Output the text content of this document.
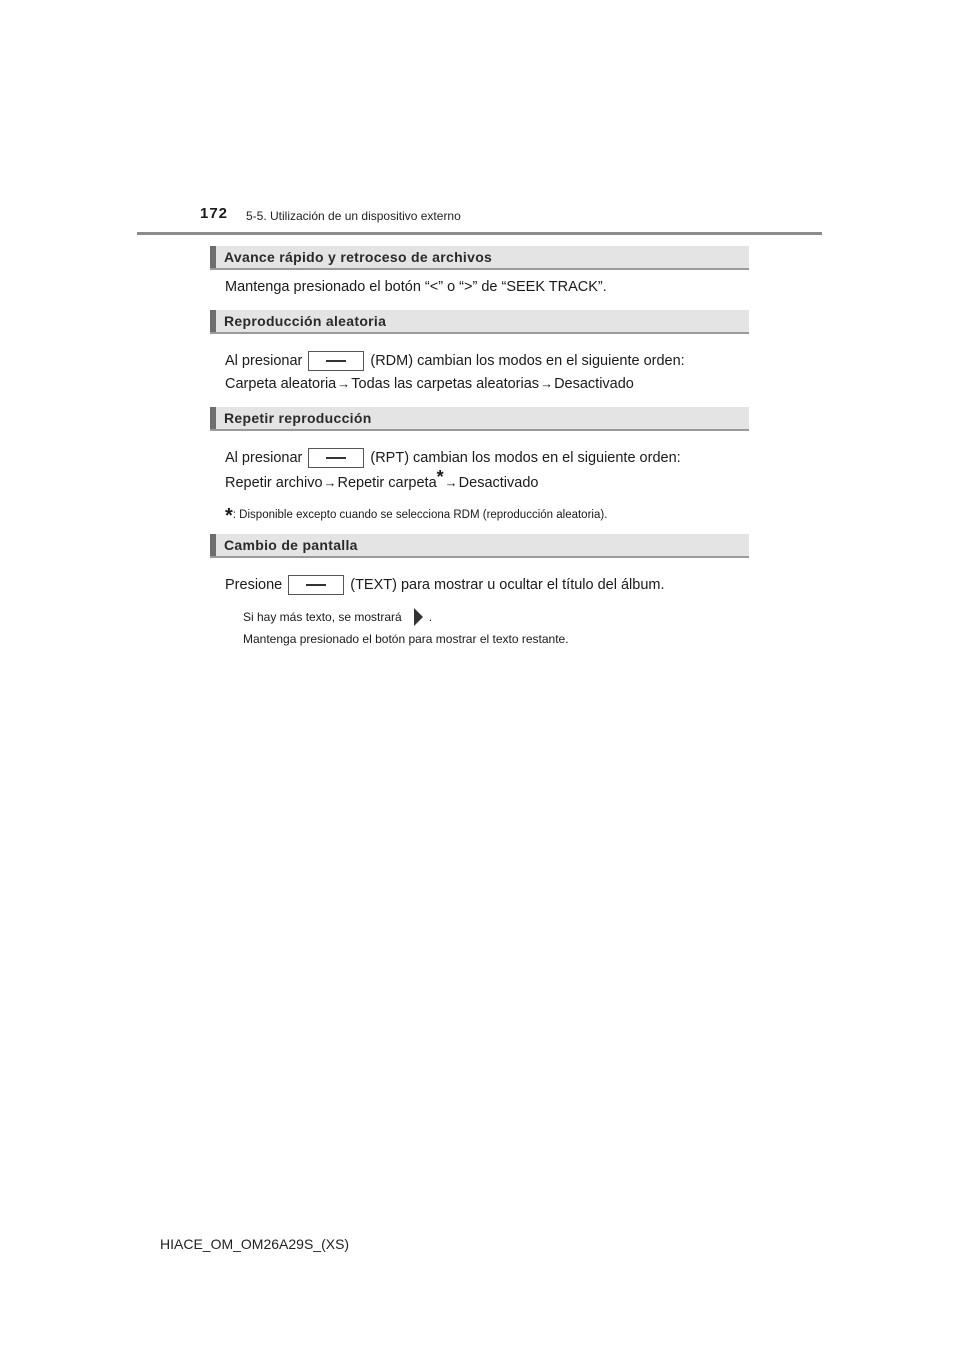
172 5-5. Utilización de un dispositivo externo
Avance rápido y retroceso de archivos
Mantenga presionado el botón “<” o “>” de “SEEK TRACK”.
Reproducción aleatoria
Al presionar	(RDM) cambian los modos en el siguiente orden:
Carpeta aleatoria→Todas las carpetas aleatorias→Desactivado
Repetir reproducción
Al presionar	(RPT) cambian los modos en el siguiente orden:
Repetir archivo→Repetir carpeta*→Desactivado
*: Disponible excepto cuando se selecciona RDM (reproducción aleatoria).
Cambio de pantalla
Presione	(TEXT) para mostrar u ocultar el título del álbum.
Si hay más texto, se mostrará .
Mantenga presionado el botón para mostrar el texto restante.
HIACE_OM_OM26A29S_(XS)
